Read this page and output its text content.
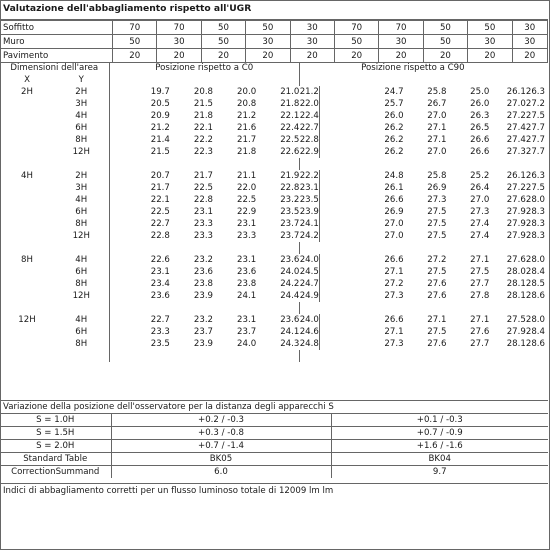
Valutazione dell'abbagliamento rispetto all'UGR
Soffitto	70	70	50	50	30	70	70	50	50	30
Muro	50	30	50	30	30	50	30	50	30	30
Pavimento	20	20	20	20	20	20	20	20	20	20
Dimensioni dell'area		Posizione rispetto a C0					Posizione rispetto a C90						
X	Y												
2H	2H		19.7	20.8	20.0	21.0	21.2		24.7	25.8	25.0	26.1	26.3
	3H		20.5	21.5	20.8	21.8	22.0		25.7	26.7	26.0	27.0	27.2
	4H		20.9	21.8	21.2	22.1	22.4		26.0	27.0	26.3	27.2	27.5
	6H		21.2	22.1	21.6	22.4	22.7		26.2	27.1	26.5	27.4	27.7
	8H		21.4	22.2	21.7	22.5	22.8		26.2	27.1	26.6	27.4	27.7
	12H		21.5	22.3	21.8	22.6	22.9		26.2	27.0	26.6	27.3	27.7

4H	2H		20.7	21.7	21.1	21.9	22.2		24.8	25.8	25.2	26.1	26.3
	3H		21.7	22.5	22.0	22.8	23.1		26.1	26.9	26.4	27.2	27.5
	4H		22.1	22.8	22.5	23.2	23.5		26.6	27.3	27.0	27.6	28.0
	6H		22.5	23.1	22.9	23.5	23.9		26.9	27.5	27.3	27.9	28.3
	8H		22.7	23.3	23.1	23.7	24.1		27.0	27.5	27.4	27.9	28.3
	12H		22.8	23.3	23.3	23.7	24.2		27.0	27.5	27.4	27.9	28.3

8H	4H		22.6	23.2	23.1	23.6	24.0		26.6	27.2	27.1	27.6	28.0
	6H		23.1	23.6	23.6	24.0	24.5		27.1	27.5	27.5	28.0	28.4
	8H		23.4	23.8	23.8	24.2	24.7		27.2	27.6	27.7	28.1	28.5
	12H		23.6	23.9	24.1	24.4	24.9		27.3	27.6	27.8	28.1	28.6

12H	4H		22.7	23.2	23.1	23.6	24.0		26.6	27.1	27.1	27.5	28.0
	6H		23.3	23.7	23.7	24.1	24.6		27.1	27.5	27.6	27.9	28.4
	8H		23.5	23.9	24.0	24.3	24.8		27.3	27.6	27.7	28.1	28.6

Variazione della posizione dell'osservatore per la distanza degli apparecchi S
S = 1.0H	+0.2 / -0.3	+0.1 / -0.3
S = 1.5H	+0.3 / -0.8	+0.7 / -0.9
S = 2.0H	+0.7 / -1.4	+1.6 / -1.6
Standard Table	BK05	BK04
CorrectionSummand	6.0	9.7
Indici di abbagliamento corretti per un flusso luminoso totale di 12009 lm lm
